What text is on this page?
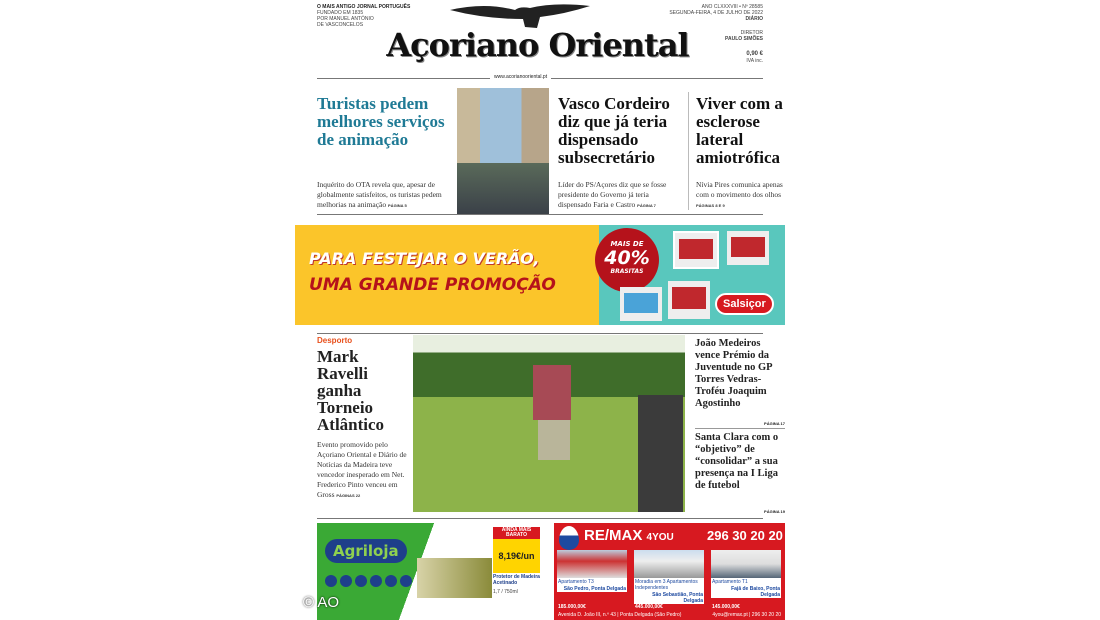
O MAIS ANTIGO JORNAL PORTUGUÊS
FUNDADO EM 1835
POR MANUEL ANTÓNIO
DE VASCONCELOS
Açoriano Oriental
ANO CLXXXVIII • Nº 28585
SEGUNDA-FEIRA, 4 DE JULHO DE 2022
DIÁRIO
DIRETOR
PAULO SIMÕES
0,90 €
IVA inc.
www.acorianooriental.pt
Turistas pedem melhores serviços de animação
Inquérito do OTA revela que, apesar de globalmente satisfeitos, os turistas pedem melhorias na animação PÁGINA 5
Vasco Cordeiro diz que já teria dispensado subsecretário
Líder do PS/Açores diz que se fosse presidente do Governo já teria dispensado Faria e Castro PÁGINA 7
Viver com a esclerose lateral amiotrófica
Nívia Pires comunica apenas com o movimento dos olhos PÁGINAS 8 E 9
PARA FESTEJAR O VERÃO,
UMA GRANDE PROMOÇÃO
MAIS DE
40%
BRASITAS
Salsiçor
Desporto
Mark Ravelli ganha Torneio Atlântico
Evento promovido pelo Açoriano Oriental e Diário de Notícias da Madeira teve vencedor inesperado em Net. Frederico Pinto venceu em Gross PÁGINAS 22
João Medeiros vence Prémio da Juventude no GP Torres Vedras-Troféu Joaquim Agostinho
PÁGINA 17
Santa Clara com o “objetivo” de “consolidar” a sua presença na I Liga de futebol
PÁGINA 19
Agriloja
AINDA MAIS BARATO
8,19€/un
Protetor de Madeira Acetinado
1,7 / 750ml
RE/MAX 4YOU	296 30 20 20
Apartamento T3
São Pedro, Ponta Delgada
Moradia em 3 Apartamentos Independentes
São Sebastião, Ponta Delgada
Apartamento T1
Fajã de Baixo, Ponta Delgada
185.000,00€	445.000,00€	145.000,00€
Avenida D. João III, n.º 43 | Ponta Delgada (São Pedro)	4you@remax.pt | 296 30 20 20
© AO
